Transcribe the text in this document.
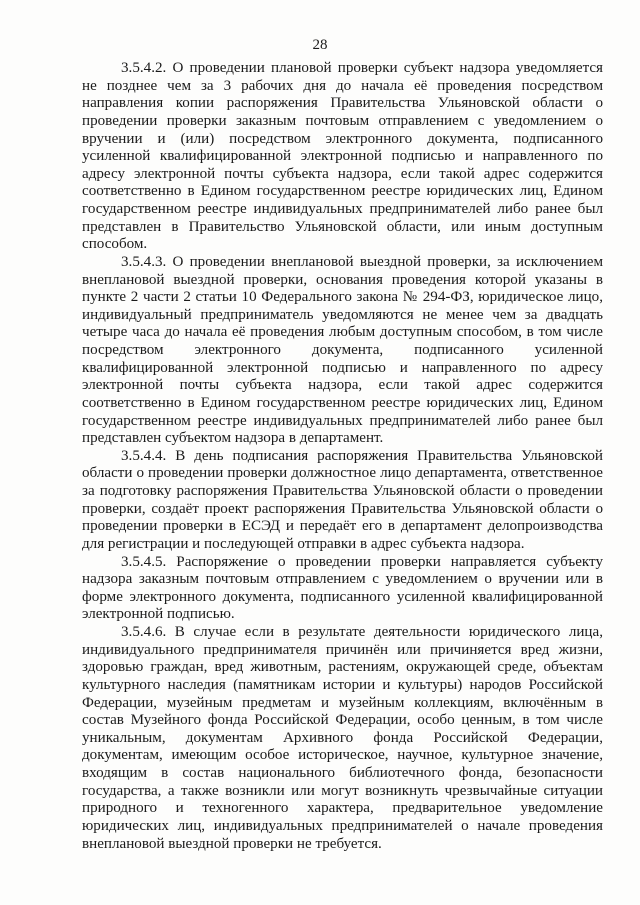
28

3.5.4.2. О проведении плановой проверки субъект надзора уведомляется не позднее чем за 3 рабочих дня до начала её проведения посредством направления копии распоряжения Правительства Ульяновской области о проведении проверки заказным почтовым отправлением с уведомлением о вручении и (или) посредством электронного документа, подписанного усиленной квалифицированной электронной подписью и направленного по адресу электронной почты субъекта надзора, если такой адрес содержится соответственно в Едином государственном реестре юридических лиц, Едином государственном реестре индивидуальных предпринимателей либо ранее был представлен в Правительство Ульяновской области, или иным доступным способом.

3.5.4.3. О проведении внеплановой выездной проверки, за исключением внеплановой выездной проверки, основания проведения которой указаны в пункте 2 части 2 статьи 10 Федерального закона № 294-ФЗ, юридическое лицо, индивидуальный предприниматель уведомляются не менее чем за двадцать четыре часа до начала её проведения любым доступным способом, в том числе посредством электронного документа, подписанного усиленной квалифицированной электронной подписью и направленного по адресу электронной почты субъекта надзора, если такой адрес содержится соответственно в Едином государственном реестре юридических лиц, Едином государственном реестре индивидуальных предпринимателей либо ранее был представлен субъектом надзора в департамент.

3.5.4.4. В день подписания распоряжения Правительства Ульяновской области о проведении проверки должностное лицо департамента, ответственное за подготовку распоряжения Правительства Ульяновской области о проведении проверки, создаёт проект распоряжения Правительства Ульяновской области о проведении проверки в ЕСЭД и передаёт его в департамент делопроизводства для регистрации и последующей отправки в адрес субъекта надзора.

3.5.4.5. Распоряжение о проведении проверки направляется субъекту надзора заказным почтовым отправлением с уведомлением о вручении или в форме электронного документа, подписанного усиленной квалифицированной электронной подписью.

3.5.4.6. В случае если в результате деятельности юридического лица, индивидуального предпринимателя причинён или причиняется вред жизни, здоровью граждан, вред животным, растениям, окружающей среде, объектам культурного наследия (памятникам истории и культуры) народов Российской Федерации, музейным предметам и музейным коллекциям, включённым в состав Музейного фонда Российской Федерации, особо ценным, в том числе уникальным, документам Архивного фонда Российской Федерации, документам, имеющим особое историческое, научное, культурное значение, входящим в состав национального библиотечного фонда, безопасности государства, а также возникли или могут возникнуть чрезвычайные ситуации природного и техногенного характера, предварительное уведомление юридических лиц, индивидуальных предпринимателей о начале проведения внеплановой выездной проверки не требуется.
